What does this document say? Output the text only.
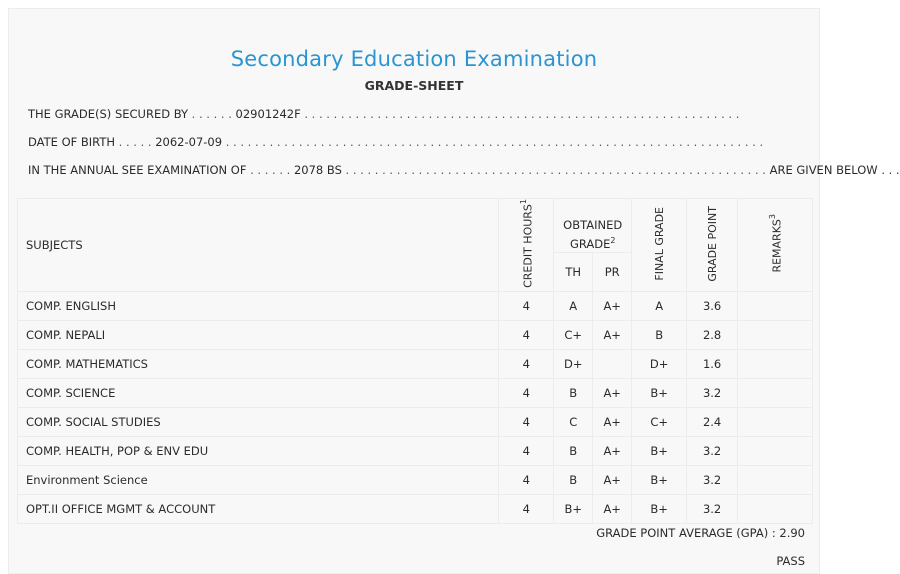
Secondary Education Examination
GRADE-SHEET
THE GRADE(S) SECURED BY . . . . . . 02901242F . . . . . . . . . . . . . . . . . . . . . . . . . . . . . . . . . . . . . . . . . . . . . . . . . . . . . . . . . . . .
DATE OF BIRTH . . . . . 2062-07-09 . . . . . . . . . . . . . . . . . . . . . . . . . . . . . . . . . . . . . . . . . . . . . . . . . . . . . . . . . . . . . . . . . . . . . . . . . .
IN THE ANNUAL SEE EXAMINATION OF . . . . . . 2078 BS . . . . . . . . . . . . . . . . . . . . . . . . . . . . . . . . . . . . . . . . . . . . . . . . . . . . . . . . . . ARE GIVEN BELOW . . .
SUBJECTS	CREDIT HOURS$^1$	OBTAINED GRADE$^2$		FINAL GRADE	GRADE POINT	REMARKS$^3$
		TH	PR			
COMP. ENGLISH	4	A	A+	A	3.6	
COMP. NEPALI	4	C+	A+	B	2.8	
COMP. MATHEMATICS	4	D+		D+	1.6	
COMP. SCIENCE	4	B	A+	B+	3.2	
COMP. SOCIAL STUDIES	4	C	A+	C+	2.4	
COMP. HEALTH, POP & ENV EDU	4	B	A+	B+	3.2	
Environment Science	4	B	A+	B+	3.2	
OPT.II OFFICE MGMT & ACCOUNT	4	B+	A+	B+	3.2	
GRADE POINT AVERAGE (GPA) : 2.90
PASS
